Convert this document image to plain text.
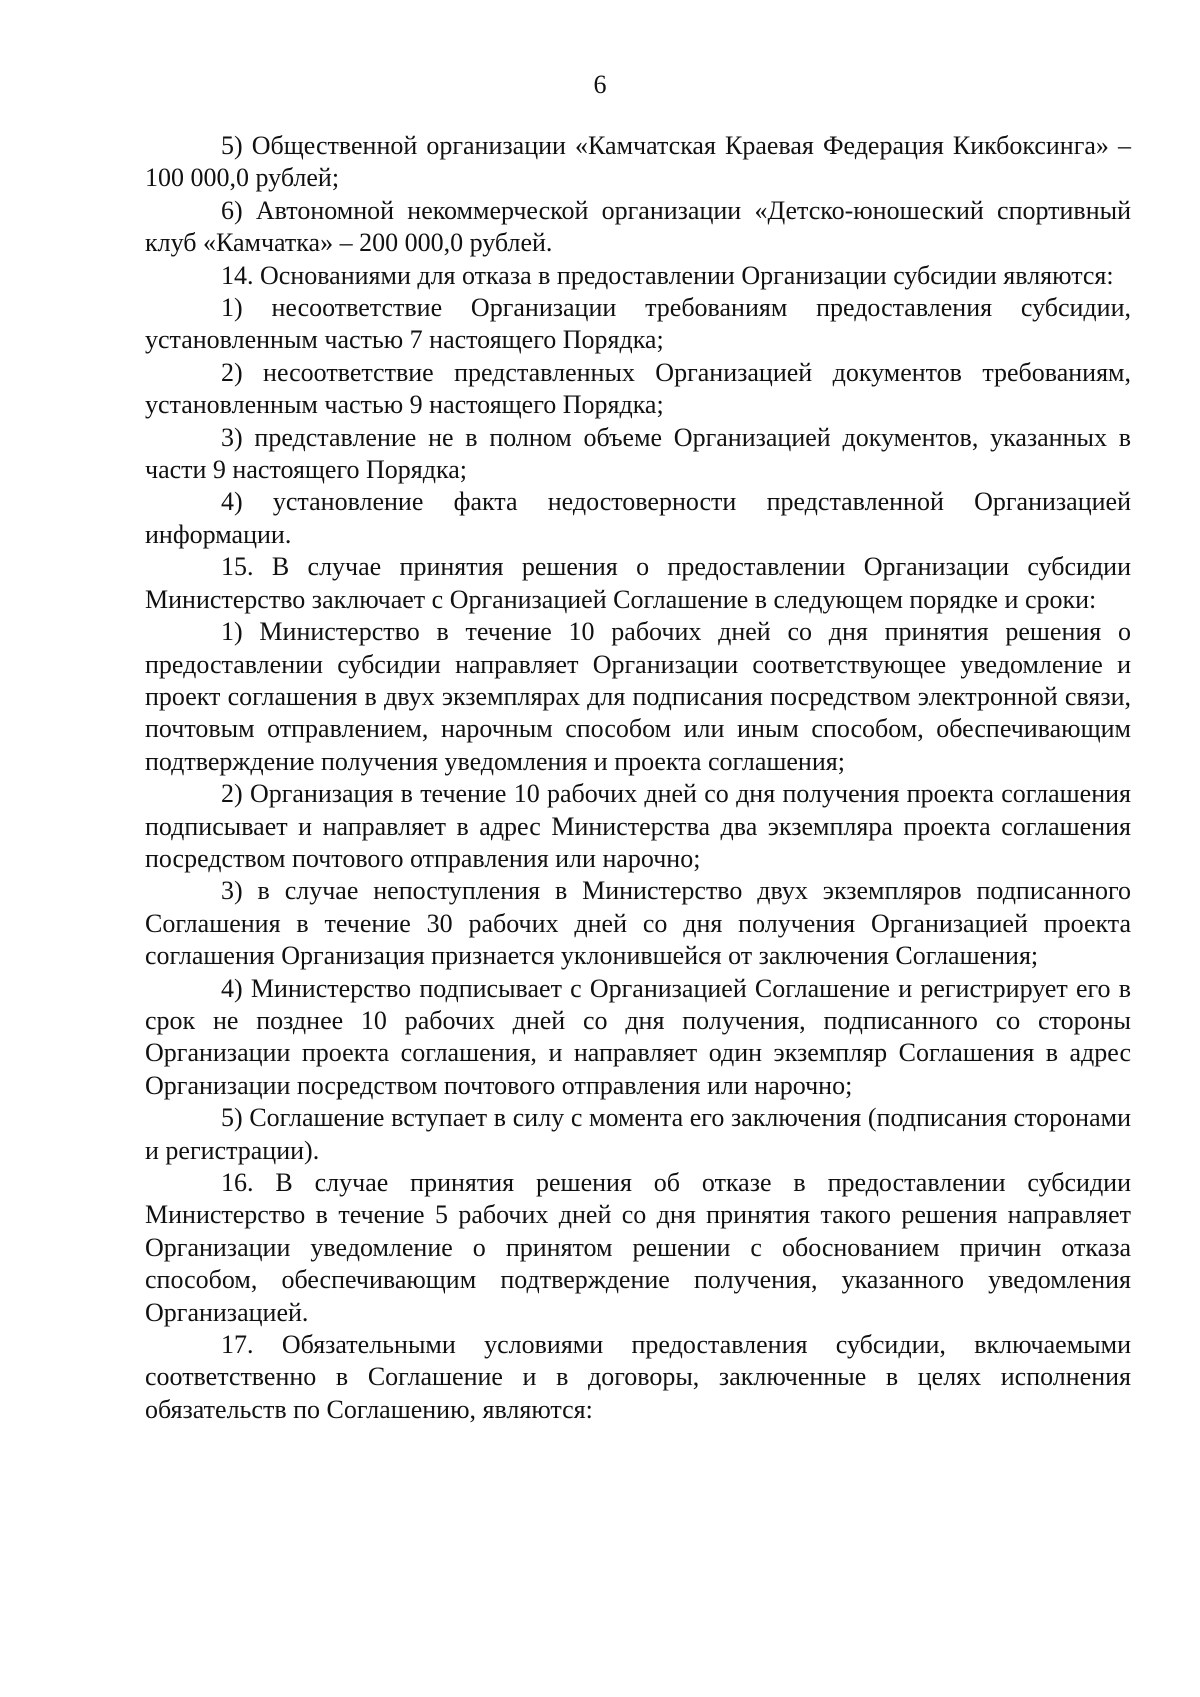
6

5) Общественной организации «Камчатская Краевая Федерация Кикбоксинга» – 100 000,0 рублей;

6) Автономной некоммерческой организации «Детско-юношеский спортивный клуб «Камчатка» – 200 000,0 рублей.

14. Основаниями для отказа в предоставлении Организации субсидии являются:

1) несоответствие Организации требованиям предоставления субсидии, установленным частью 7 настоящего Порядка;

2) несоответствие представленных Организацией документов требованиям, установленным частью 9 настоящего Порядка;

3) представление не в полном объеме Организацией документов, указанных в части 9 настоящего Порядка;

4) установление факта недостоверности представленной Организацией информации.

15. В случае принятия решения о предоставлении Организации субсидии Министерство заключает с Организацией Соглашение в следующем порядке и сроки:

1) Министерство в течение 10 рабочих дней со дня принятия решения о предоставлении субсидии направляет Организации соответствующее уведомление и проект соглашения в двух экземплярах для подписания посредством электронной связи, почтовым отправлением, нарочным способом или иным способом, обеспечивающим подтверждение получения уведомления и проекта соглашения;

2) Организация в течение 10 рабочих дней со дня получения проекта соглашения подписывает и направляет в адрес Министерства два экземпляра проекта соглашения посредством почтового отправления или нарочно;

3) в случае непоступления в Министерство двух экземпляров подписанного Соглашения в течение 30 рабочих дней со дня получения Организацией проекта соглашения Организация признается уклонившейся от заключения Соглашения;

4) Министерство подписывает с Организацией Соглашение и регистрирует его в срок не позднее 10 рабочих дней со дня получения, подписанного со стороны Организации проекта соглашения, и направляет один экземпляр Соглашения в адрес Организации посредством почтового отправления или нарочно;

5) Соглашение вступает в силу с момента его заключения (подписания сторонами и регистрации).

16. В случае принятия решения об отказе в предоставлении субсидии Министерство в течение 5 рабочих дней со дня принятия такого решения направляет Организации уведомление о принятом решении с обоснованием причин отказа способом, обеспечивающим подтверждение получения, указанного уведомления Организацией.

17. Обязательными условиями предоставления субсидии, включаемыми соответственно в Соглашение и в договоры, заключенные в целях исполнения обязательств по Соглашению, являются:
